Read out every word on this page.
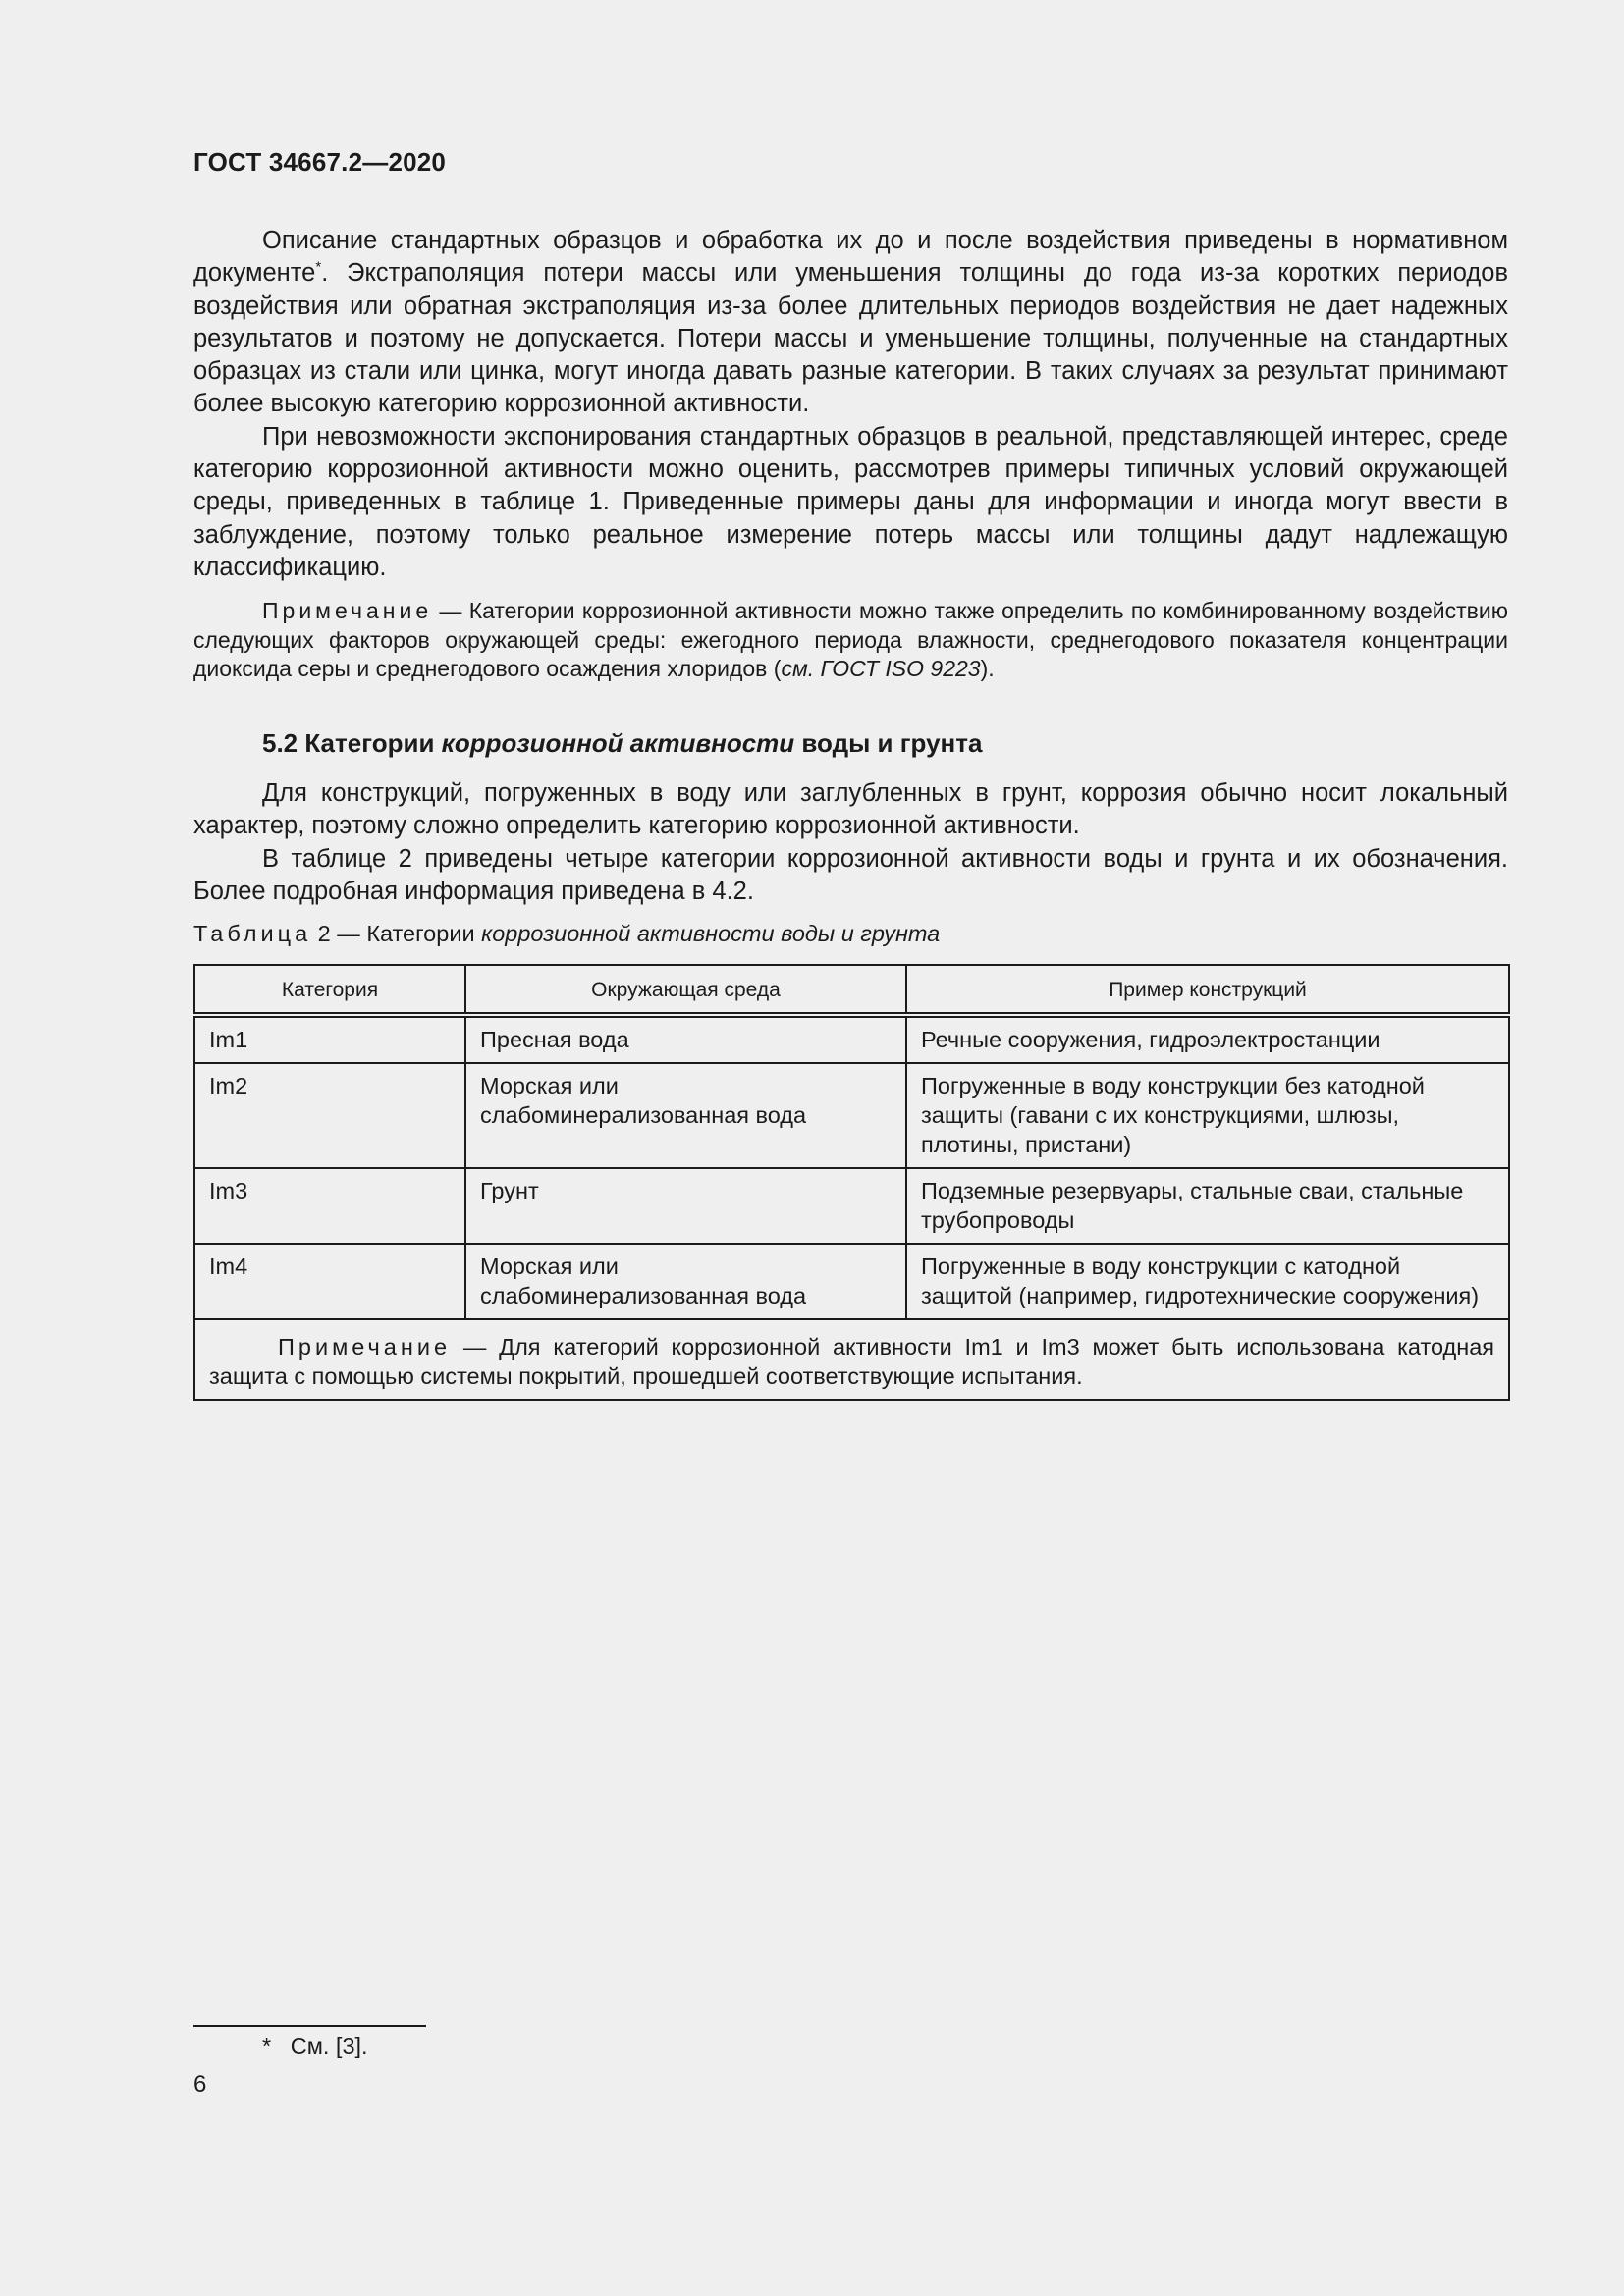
ГОСТ 34667.2—2020

Описание стандартных образцов и обработка их до и после воздействия приведены в нормативном документе*. Экстраполяция потери массы или уменьшения толщины до года из-за коротких периодов воздействия или обратная экстраполяция из-за более длительных периодов воздействия не дает надежных результатов и поэтому не допускается. Потери массы и уменьшение толщины, полученные на стандартных образцах из стали или цинка, могут иногда давать разные категории. В таких случаях за результат принимают более высокую категорию коррозионной активности.

При невозможности экспонирования стандартных образцов в реальной, представляющей интерес, среде категорию коррозионной активности можно оценить, рассмотрев примеры типичных условий окружающей среды, приведенных в таблице 1. Приведенные примеры даны для информации и иногда могут ввести в заблуждение, поэтому только реальное измерение потерь массы или толщины дадут надлежащую классификацию.

Примечание — Категории коррозионной активности можно также определить по комбинированному воздействию следующих факторов окружающей среды: ежегодного периода влажности, среднегодового показателя концентрации диоксида серы и среднегодового осаждения хлоридов (см. ГОСТ ISO 9223).

5.2 Категории коррозионной активности воды и грунта

Для конструкций, погруженных в воду или заглубленных в грунт, коррозия обычно носит локальный характер, поэтому сложно определить категорию коррозионной активности.

В таблице 2 приведены четыре категории коррозионной активности воды и грунта и их обозначения. Более подробная информация приведена в 4.2.

Таблица 2 — Категории коррозионной активности воды и грунта
Категория	Окружающая среда	Пример конструкций
Im1	Пресная вода	Речные сооружения, гидроэлектростанции
Im2	Морская или слабоминерализованная вода	Погруженные в воду конструкции без катодной защиты (гавани с их конструкциями, шлюзы, плотины, пристани)
Im3	Грунт	Подземные резервуары, стальные сваи, стальные трубопроводы
Im4	Морская или слабоминерализованная вода	Погруженные в воду конструкции с катодной защитой (например, гидротехнические сооружения)

Примечание — Для категорий коррозионной активности Im1 и Im3 может быть использована катодная защита с помощью системы покрытий, прошедшей соответствующие испытания.		
*   См. [3].
6
